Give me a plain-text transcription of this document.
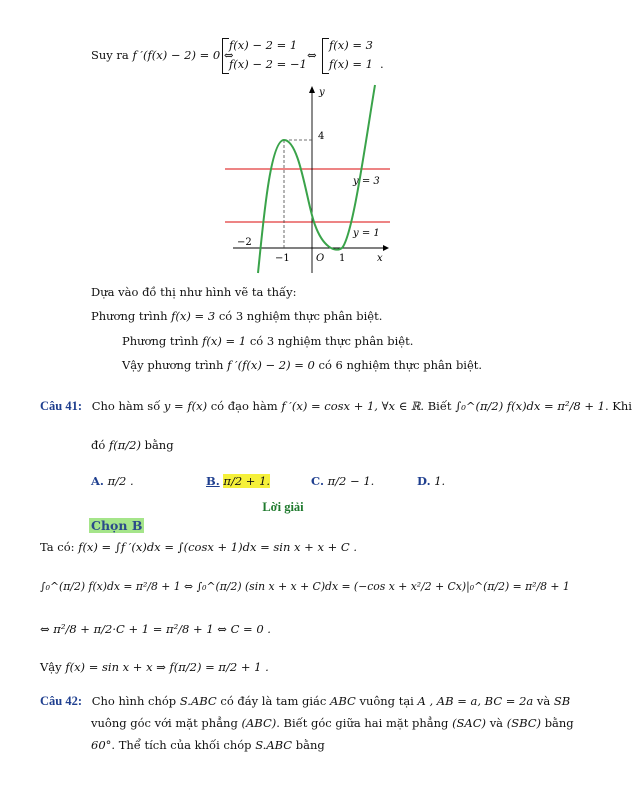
Suy ra f ′(f(x) − 2) = 0 ⇔
f(x) − 2 = 1
f(x) − 2 = −1
⇔
f(x) = 3
f(x) = 1 .
y
x
4
−2
−1	O 1
y = 3
y = 1
Dựa vào đồ thị như hình vẽ ta thấy:
Phương trình f(x) = 3 có 3 nghiệm thực phân biệt.
Phương trình f(x) = 1 có 3 nghiệm thực phân biệt.
Vậy phương trình f ′(f(x) − 2) = 0 có 6 nghiệm thực phân biệt.
Câu 41: Cho hàm số y = f(x) có đạo hàm f ′(x) = cosx + 1, ∀x ∈ ℝ. Biết ∫₀^(π/2) f(x)dx = π²/8 + 1. Khi
đó f(π/2) bằng
A. π/2 .	B. π/2 + 1.	C. π/2 − 1.	D. 1.
Lời giải
Chọn B
Ta có: f(x) = ∫f ′(x)dx = ∫(cosx + 1)dx = sin x + x + C .
∫₀^(π/2) f(x)dx = π²/8 + 1 ⇔ ∫₀^(π/2) (sin x + x + C)dx = (−cos x + x²/2 + Cx)|₀^(π/2) = π²/8 + 1
⇔ π²/8 + π/2·C + 1 = π²/8 + 1 ⇔ C = 0 .
Vậy f(x) = sin x + x ⇒ f(π/2) = π/2 + 1 .
Câu 42: Cho hình chóp S.ABC có đáy là tam giác ABC vuông tại A , AB = a, BC = 2a và SB
vuông góc với mặt phẳng (ABC). Biết góc giữa hai mặt phẳng (SAC) và (SBC) bằng
60°. Thể tích của khối chóp S.ABC bằng
